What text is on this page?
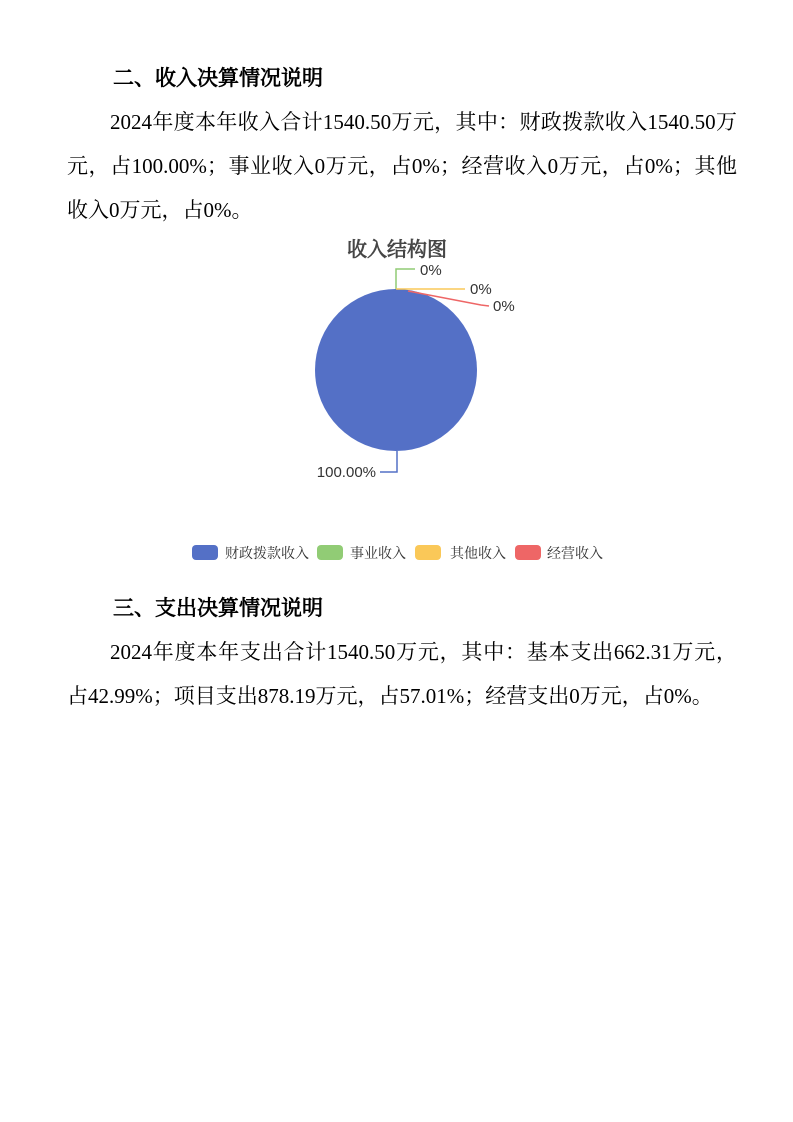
二、收入决算情况说明

2024年度本年收入合计1540.50万元，其中：财政拨款收入1540.50万元，占100.00%；事业收入0万元，占0%；经营收入0万元，占0%；其他收入0万元，占0%。

收入结构图
0%
0%
0%
100.00%
财政拨款收入	事业收入	其他收入	经营收入
三、支出决算情况说明

2024年度本年支出合计1540.50万元，其中：基本支出662.31万元，占42.99%；项目支出878.19万元，占57.01%；经营支出0万元，占0%。
